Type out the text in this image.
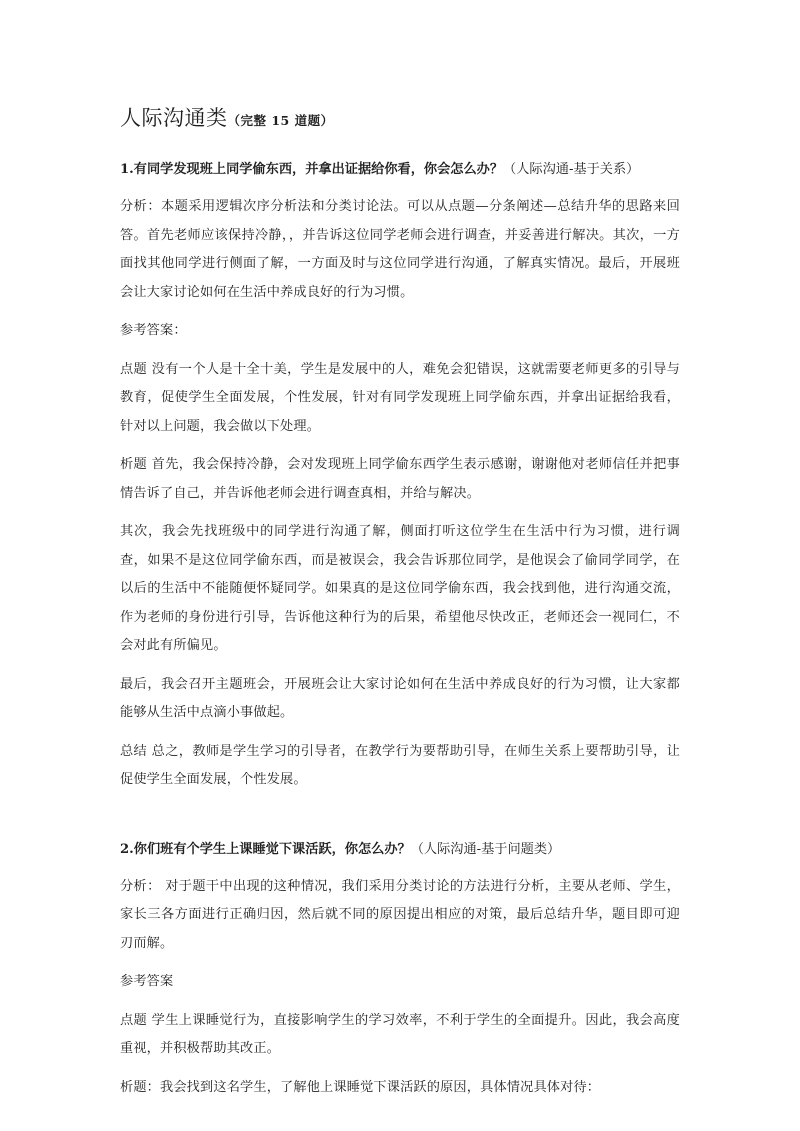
人际沟通类（完整 15 道题）

1.有同学发现班上同学偷东西，并拿出证据给你看，你会怎么办？（人际沟通-基于关系）

分析：本题采用逻辑次序分析法和分类讨论法。可以从点题—分条阐述—总结升华的思路来回答。首先老师应该保持冷静，，并告诉这位同学老师会进行调查，并妥善进行解决。其次，一方面找其他同学进行侧面了解，一方面及时与这位同学进行沟通，了解真实情况。最后，开展班会让大家讨论如何在生活中养成良好的行为习惯。

参考答案：

点题 没有一个人是十全十美，学生是发展中的人，难免会犯错误，这就需要老师更多的引导与教育，促使学生全面发展，个性发展，针对有同学发现班上同学偷东西，并拿出证据给我看，针对以上问题，我会做以下处理。

析题 首先，我会保持冷静，会对发现班上同学偷东西学生表示感谢，谢谢他对老师信任并把事情告诉了自己，并告诉他老师会进行调查真相，并给与解决。

其次，我会先找班级中的同学进行沟通了解，侧面打听这位学生在生活中行为习惯，进行调查，如果不是这位同学偷东西，而是被误会，我会告诉那位同学，是他误会了偷同学同学，在以后的生活中不能随便怀疑同学。如果真的是这位同学偷东西，我会找到他，进行沟通交流，作为老师的身份进行引导，告诉他这种行为的后果，希望他尽快改正，老师还会一视同仁，不会对此有所偏见。

最后，我会召开主题班会，开展班会让大家讨论如何在生活中养成良好的行为习惯，让大家都能够从生活中点滴小事做起。

总结 总之，教师是学生学习的引导者，在教学行为要帮助引导，在师生关系上要帮助引导，让促使学生全面发展，个性发展。

2.你们班有个学生上课睡觉下课活跃，你怎么办？（人际沟通-基于问题类）

分析： 对于题干中出现的这种情况，我们采用分类讨论的方法进行分析，主要从老师、学生，家长三各方面进行正确归因，然后就不同的原因提出相应的对策，最后总结升华，题目即可迎刃而解。

参考答案

点题 学生上课睡觉行为，直接影响学生的学习效率，不利于学生的全面提升。因此，我会高度重视，并积极帮助其改正。

析题：我会找到这名学生，了解他上课睡觉下课活跃的原因，具体情况具体对待：
